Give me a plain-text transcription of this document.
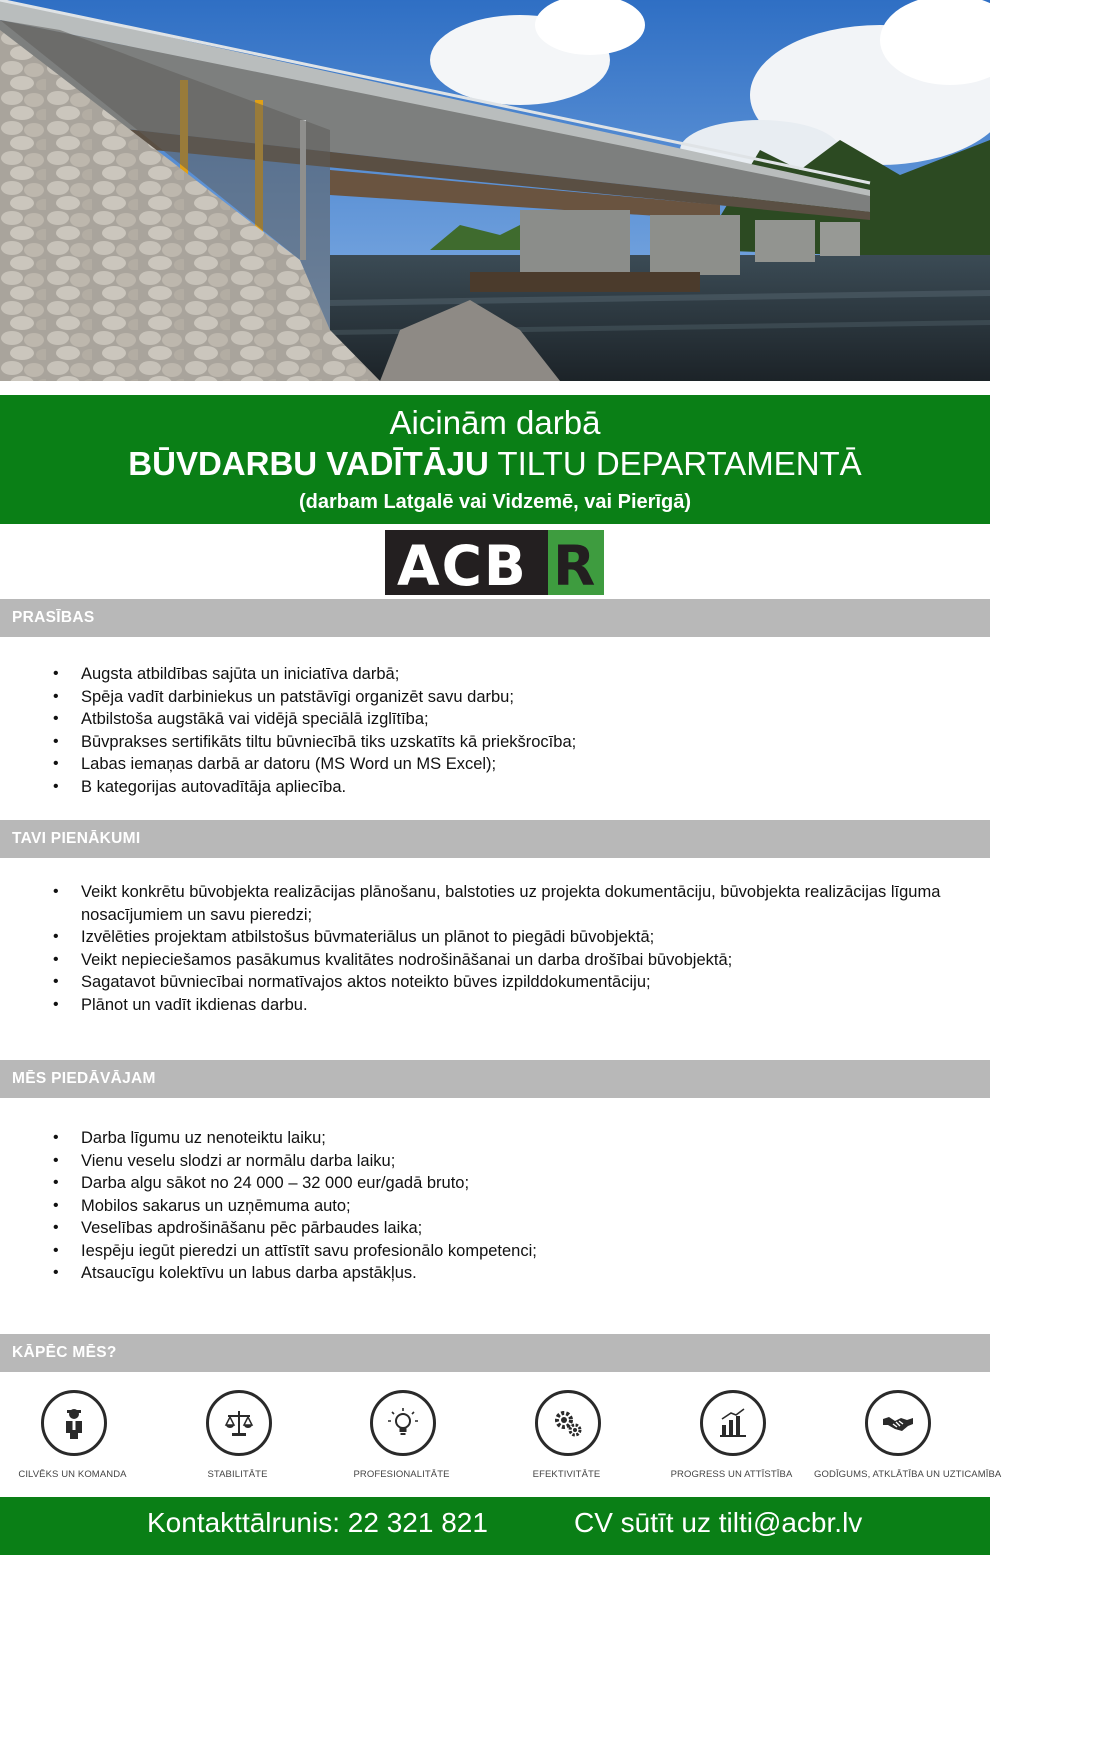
Aicinām darbā
BŪVDARBU VADĪTĀJU TILTU DEPARTAMENTĀ
(darbam Latgalē vai Vidzemē, vai Pierīgā)
ACB R
PRASĪBAS
• Augsta atbildības sajūta un iniciatīva darbā;
• Spēja vadīt darbiniekus un patstāvīgi organizēt savu darbu;
• Atbilstoša augstākā vai vidējā speciālā izglītība;
• Būvprakses sertifikāts tiltu būvniecībā tiks uzskatīts kā priekšrocība;
• Labas iemaņas darbā ar datoru (MS Word un MS Excel);
• B kategorijas autovadītāja apliecība.
TAVI PIENĀKUMI
• Veikt konkrētu būvobjekta realizācijas plānošanu, balstoties uz projekta dokumentāciju, būvobjekta realizācijas līguma nosacījumiem un savu pieredzi;
• Izvēlēties projektam atbilstošus būvmateriālus un plānot to piegādi būvobjektā;
• Veikt nepieciešamos pasākumus kvalitātes nodrošināšanai un darba drošībai būvobjektā;
• Sagatavot būvniecībai normatīvajos aktos noteikto būves izpilddokumentāciju;
• Plānot un vadīt ikdienas darbu.
MĒS PIEDĀVĀJAM
• Darba līgumu uz nenoteiktu laiku;
• Vienu veselu slodzi ar normālu darba laiku;
• Darba algu sākot no 24 000 – 32 000 eur/gadā bruto;
• Mobilos sakarus un uzņēmuma auto;
• Veselības apdrošināšanu pēc pārbaudes laika;
• Iespēju iegūt pieredzi un attīstīt savu profesionālo kompetenci;
• Atsaucīgu kolektīvu un labus darba apstākļus.
KĀPĒC MĒS?
CILVĒKS UN KOMANDA	STABILITĀTE	PROFESIONALITĀTE	EFEKTIVITĀTE	PROGRESS UN ATTĪSTĪBA	GODĪGUMS, ATKLĀTĪBA UN UZTICAMĪBA
Kontakttālrunis: 22 321 821	CV sūtīt uz tilti@acbr.lv
